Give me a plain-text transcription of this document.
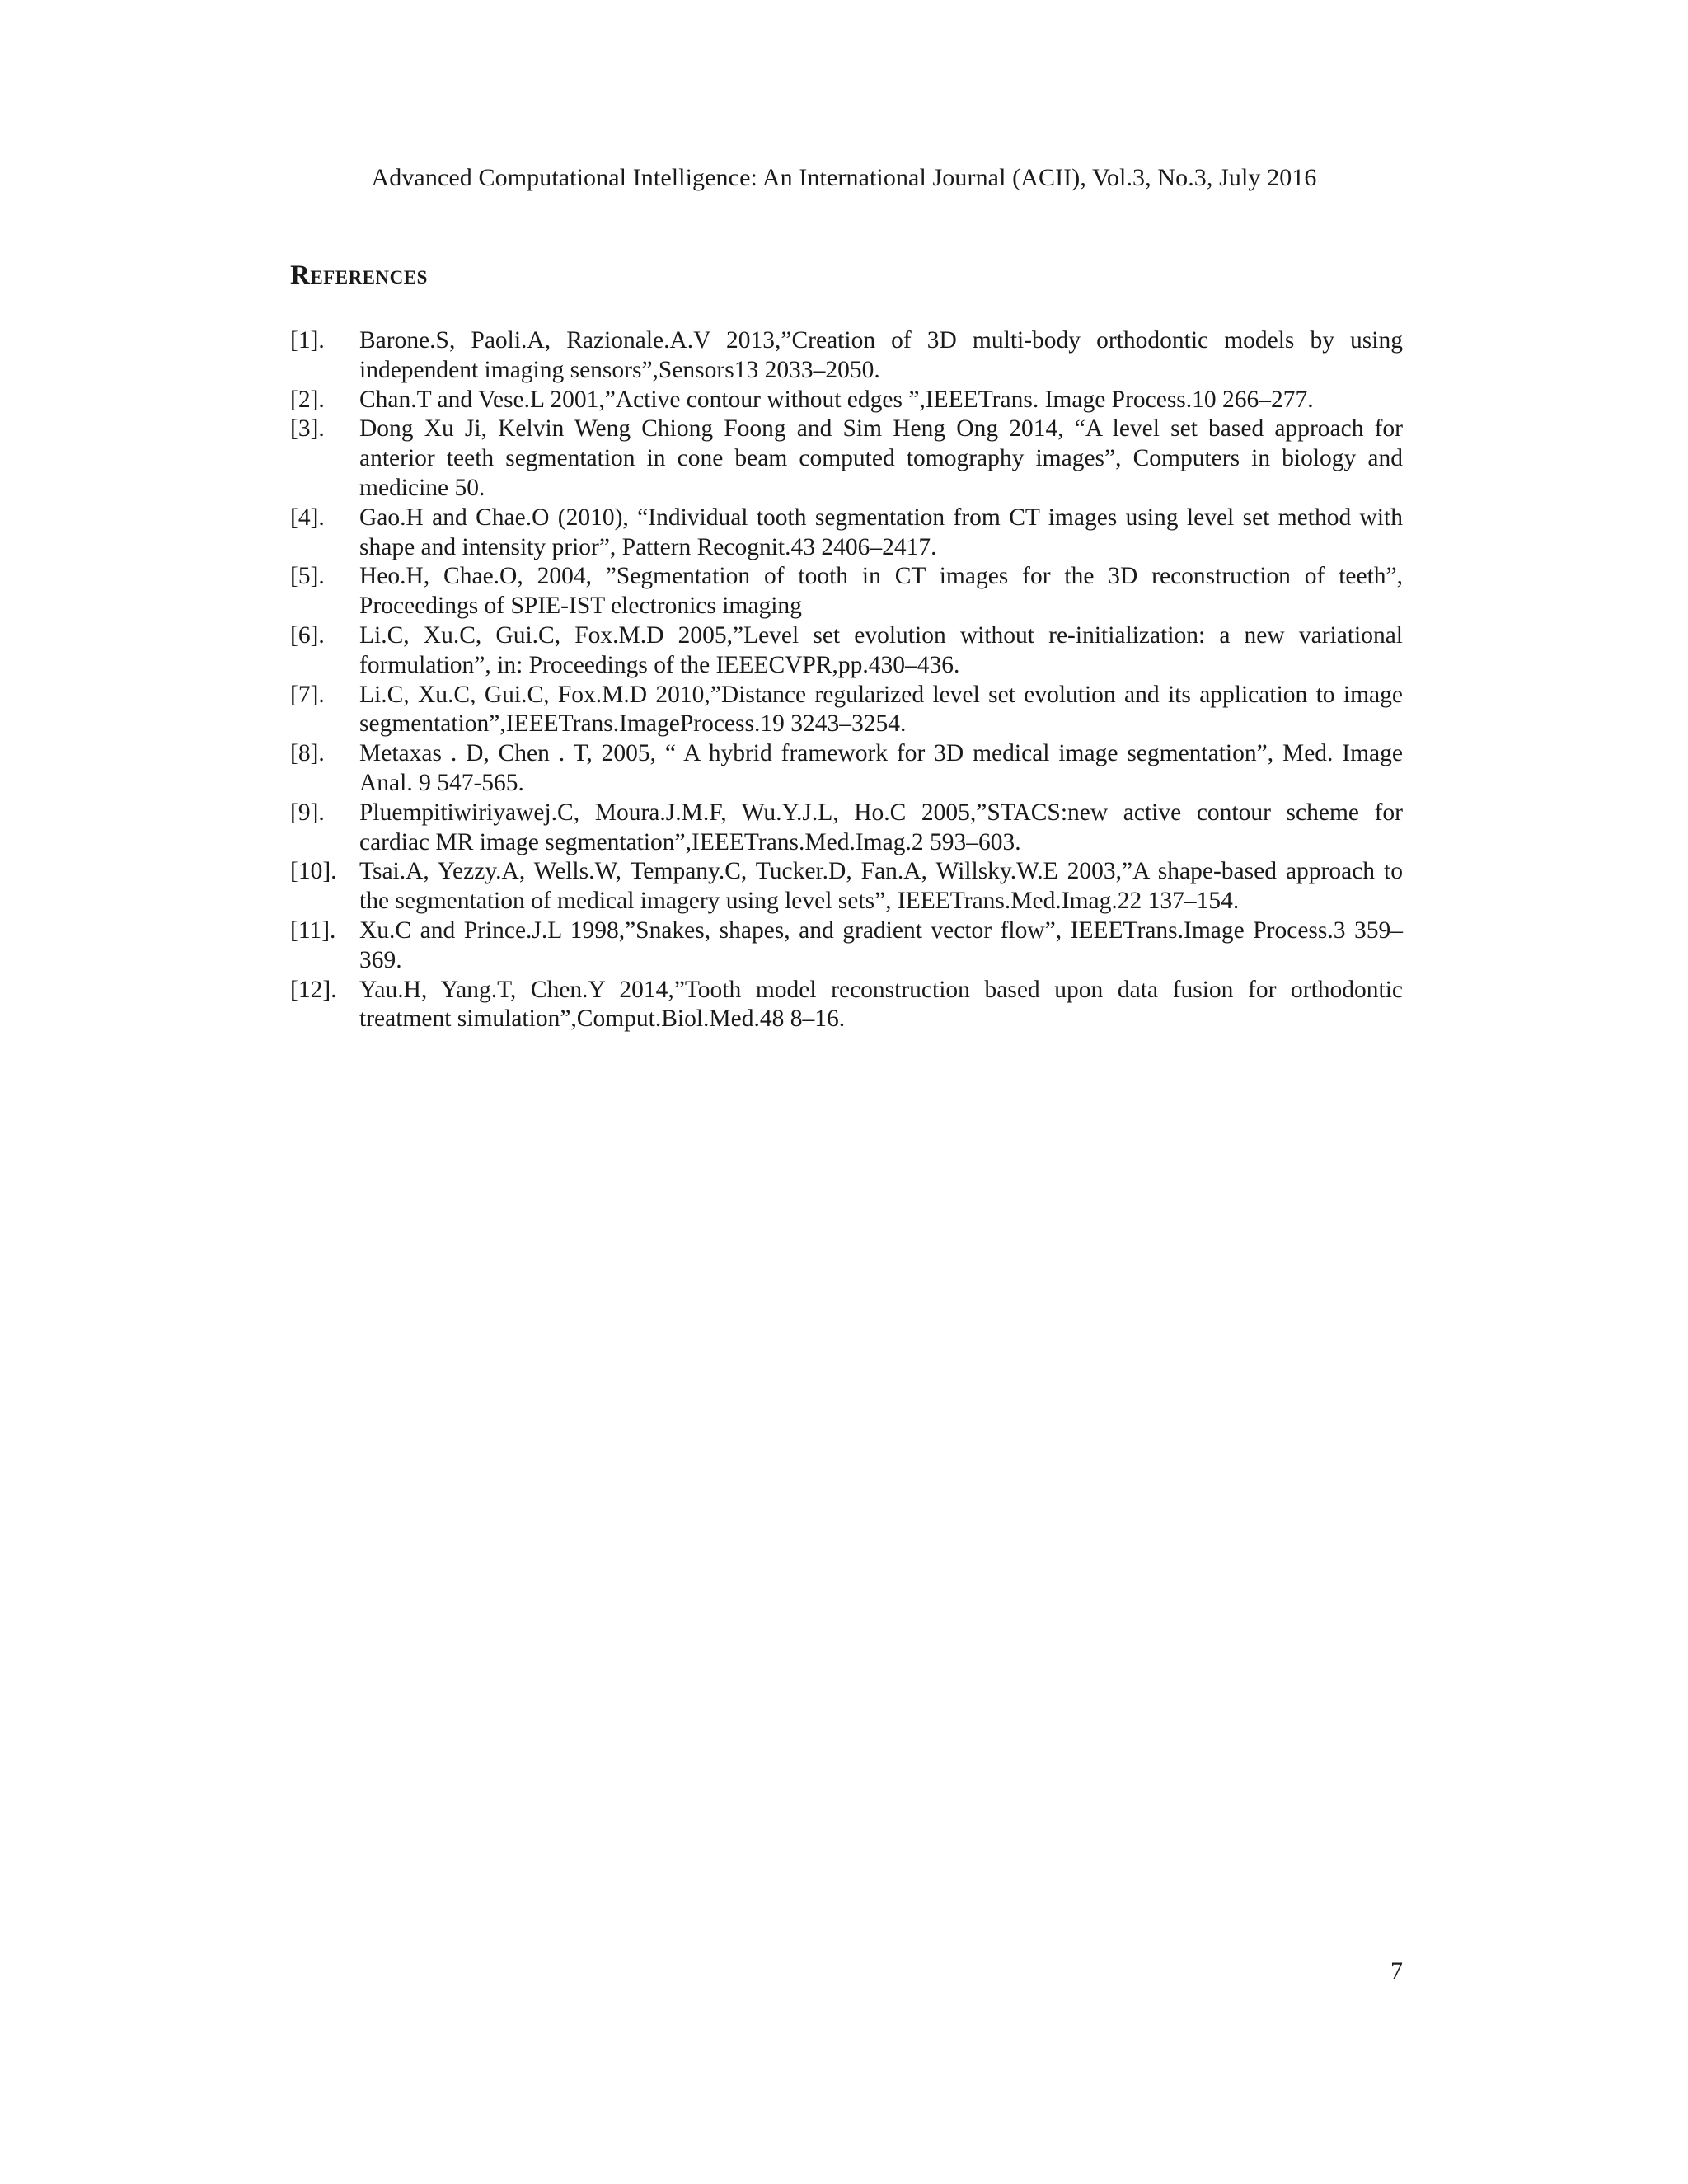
Advanced Computational Intelligence: An International Journal (ACII), Vol.3, No.3, July 2016
References
[1].	Barone.S, Paoli.A, Razionale.A.V 2013,”Creation of 3D multi-body orthodontic models by using independent imaging sensors”,Sensors13 2033–2050.
[2].	Chan.T and Vese.L 2001,”Active contour without edges ”,IEEETrans. Image Process.10 266–277.
[3].	Dong Xu Ji, Kelvin Weng Chiong Foong and Sim Heng Ong 2014, “A level set based approach for anterior teeth segmentation in cone beam computed tomography images”, Computers in biology and medicine 50.
[4].	Gao.H and Chae.O (2010), “Individual tooth segmentation from CT images using level set method with shape and intensity prior”, Pattern Recognit.43 2406–2417.
[5].	Heo.H, Chae.O, 2004, ”Segmentation of tooth in CT images for the 3D reconstruction of teeth”, Proceedings of SPIE-IST electronics imaging
[6].	Li.C, Xu.C, Gui.C, Fox.M.D 2005,”Level set evolution without re-initialization: a new variational formulation”, in: Proceedings of the IEEECVPR,pp.430–436.
[7].	Li.C, Xu.C, Gui.C, Fox.M.D 2010,”Distance regularized level set evolution and its application to image segmentation”,IEEETrans.ImageProcess.19 3243–3254.
[8].	Metaxas . D, Chen . T, 2005, “ A hybrid framework for 3D medical image segmentation”, Med. Image Anal. 9 547-565.
[9].	Pluempitiwiriyawej.C, Moura.J.M.F, Wu.Y.J.L, Ho.C 2005,”STACS:new active contour scheme for cardiac MR image segmentation”,IEEETrans.Med.Imag.2 593–603.
[10]. Tsai.A, Yezzy.A, Wells.W, Tempany.C, Tucker.D, Fan.A, Willsky.W.E 2003,”A shape-based approach to the segmentation of medical imagery using level sets”, IEEETrans.Med.Imag.22 137–154.
[11]. Xu.C and Prince.J.L 1998,”Snakes, shapes, and gradient vector flow”, IEEETrans.Image Process.3 359–369.
[12]. Yau.H, Yang.T, Chen.Y 2014,”Tooth model reconstruction based upon data fusion for orthodontic treatment simulation”,Comput.Biol.Med.48 8–16.
7
